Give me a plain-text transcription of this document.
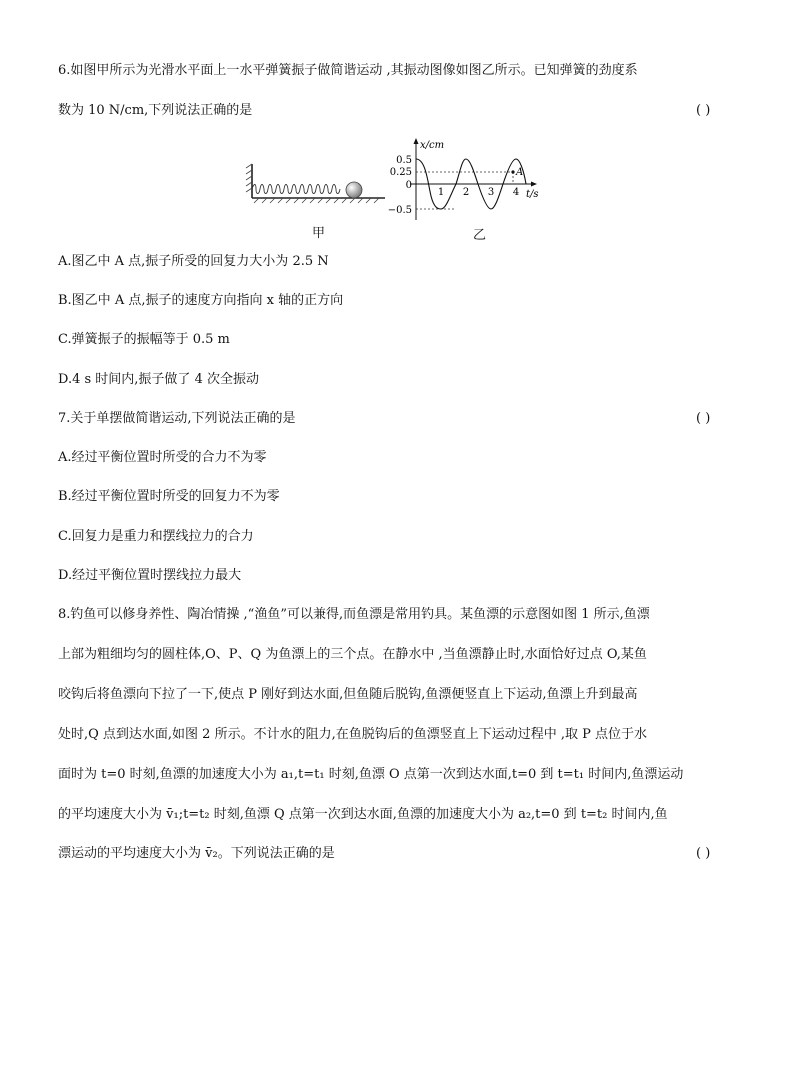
6.如图甲所示为光滑水平面上一水平弹簧振子做简谐运动 ,其振动图像如图乙所示。已知弹簧的劲度系
数为 10 N/cm,下列说法正确的是	( )
x/cm
t/s
0.5
0.25
0
−0.5
1 2 3 4
A
甲	乙
A.图乙中 A 点,振子所受的回复力大小为 2.5 N
B.图乙中 A 点,振子的速度方向指向 x 轴的正方向
C.弹簧振子的振幅等于 0.5 m
D.4 s 时间内,振子做了 4 次全振动
7.关于单摆做简谐运动,下列说法正确的是	( )
A.经过平衡位置时所受的合力不为零
B.经过平衡位置时所受的回复力不为零
C.回复力是重力和摆线拉力的合力
D.经过平衡位置时摆线拉力最大
8.钓鱼可以修身养性、陶冶情操 ,“渔鱼”可以兼得,而鱼漂是常用钓具。某鱼漂的示意图如图 1 所示,鱼漂
上部为粗细均匀的圆柱体,O、P、Q 为鱼漂上的三个点。在静水中 ,当鱼漂静止时,水面恰好过点 O,某鱼
咬钩后将鱼漂向下拉了一下,使点 P 刚好到达水面,但鱼随后脱钩,鱼漂便竖直上下运动,鱼漂上升到最高
处时,Q 点到达水面,如图 2 所示。不计水的阻力,在鱼脱钩后的鱼漂竖直上下运动过程中 ,取 P 点位于水
面时为 t=0 时刻,鱼漂的加速度大小为 a₁,t=t₁ 时刻,鱼漂 O 点第一次到达水面,t=0 到 t=t₁ 时间内,鱼漂运动
的平均速度大小为 v̄₁;t=t₂ 时刻,鱼漂 Q 点第一次到达水面,鱼漂的加速度大小为 a₂,t=0 到 t=t₂ 时间内,鱼
漂运动的平均速度大小为 v̄₂。下列说法正确的是	( )
